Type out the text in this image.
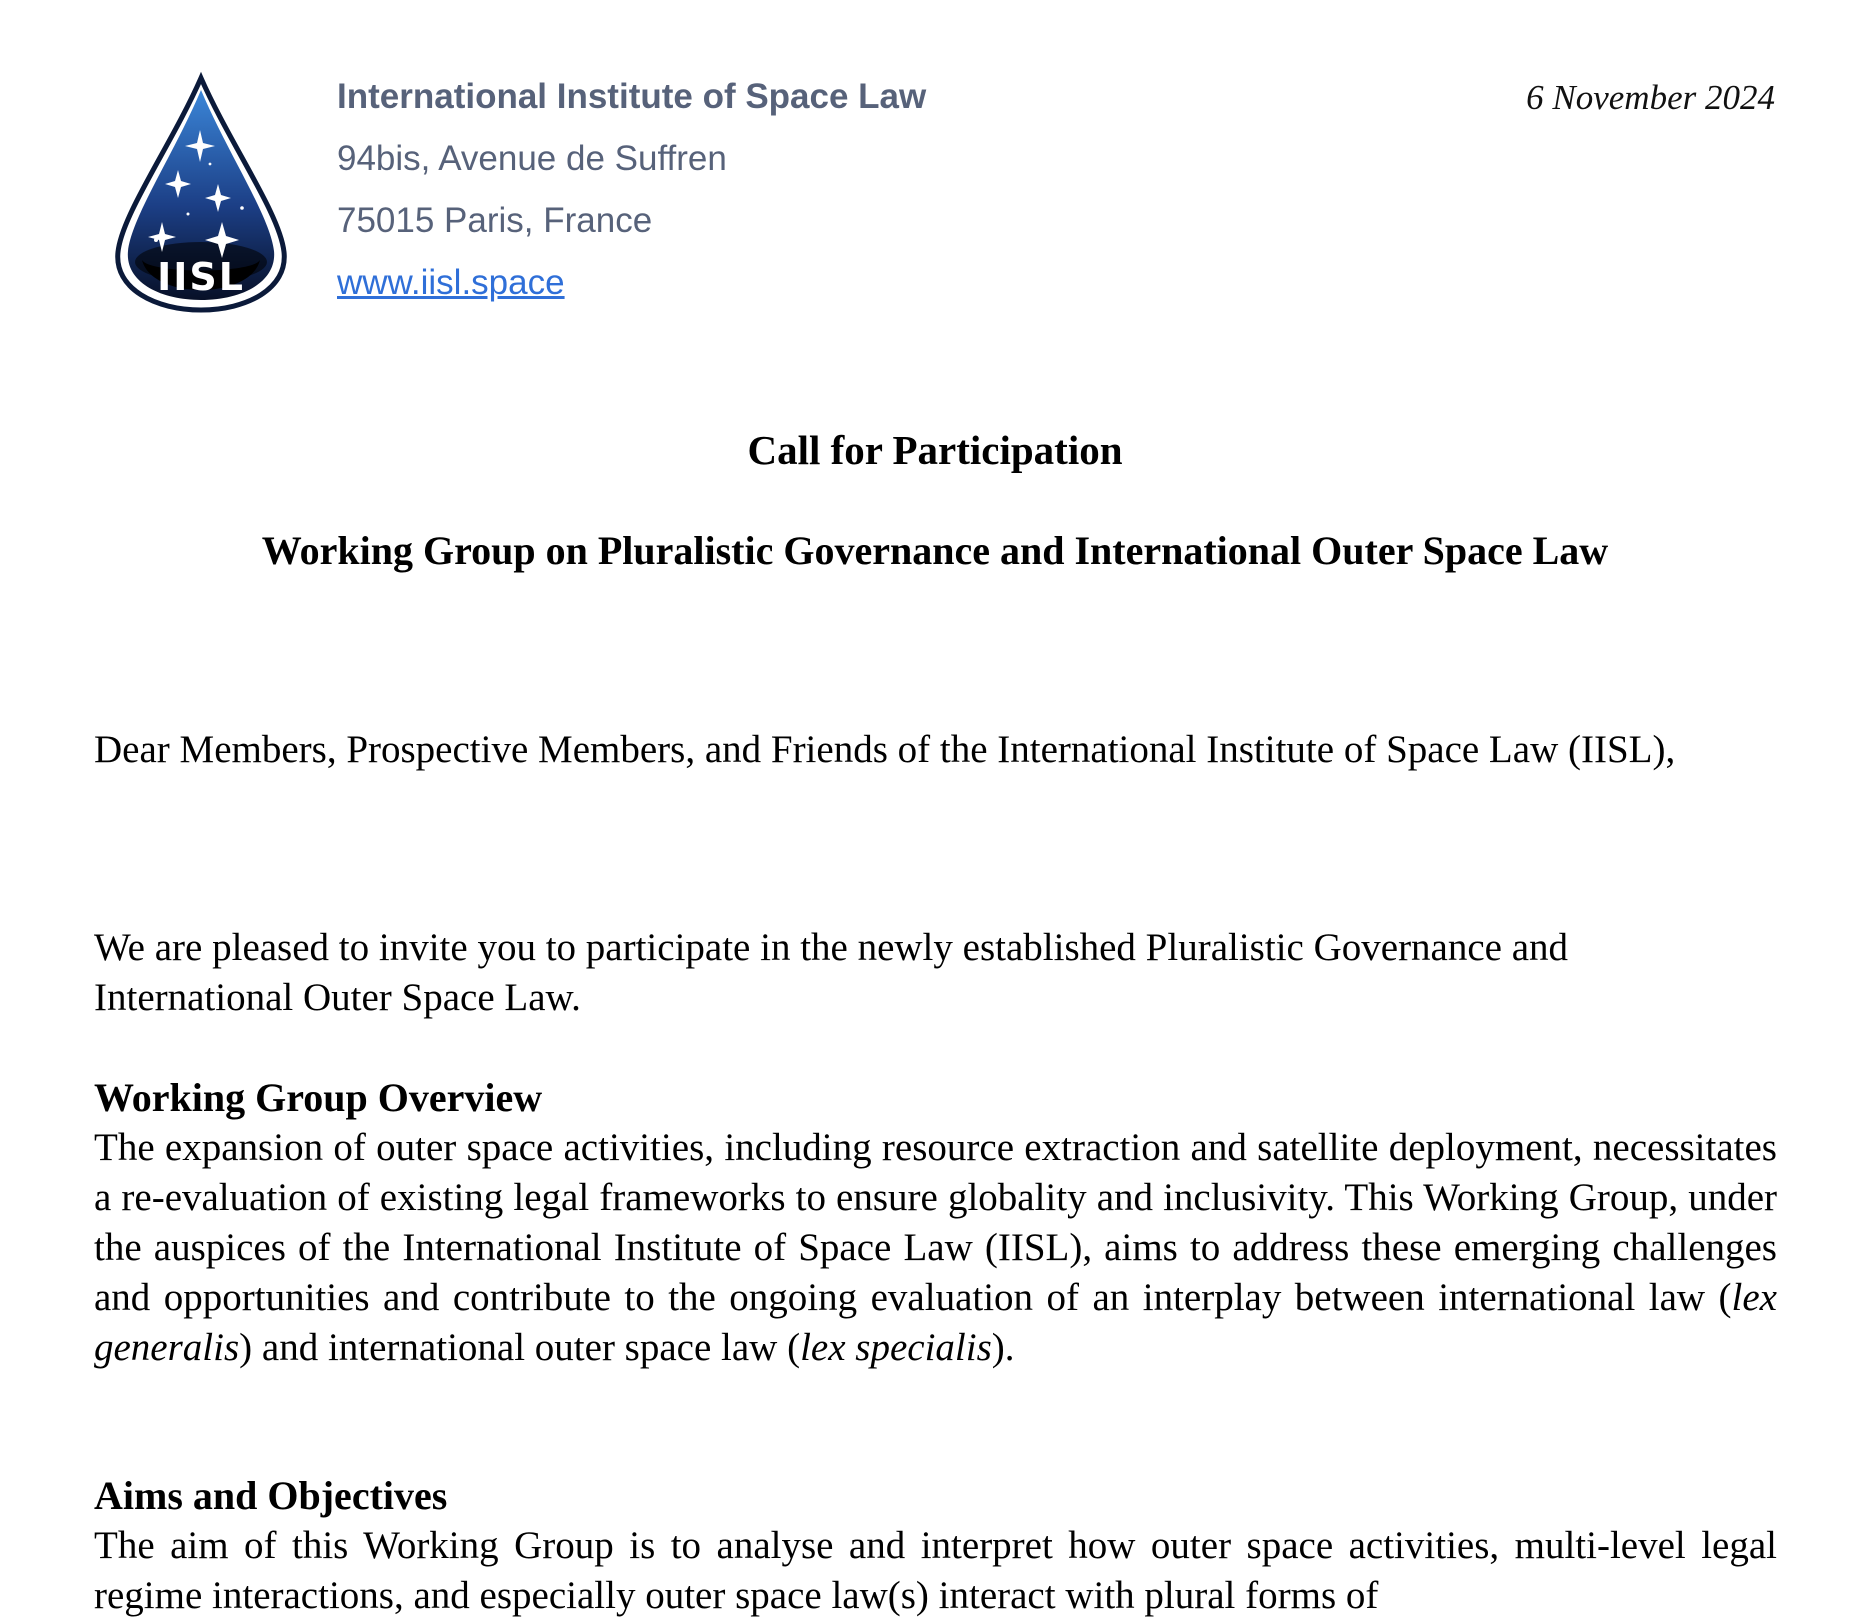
IISL
International Institute of Space Law
94bis, Avenue de Suffren
75015 Paris, France
www.iisl.space
6 November 2024
Call for Participation
Working Group on Pluralistic Governance and International Outer Space Law
Dear Members, Prospective Members, and Friends of the International Institute of Space Law (IISL),
We are pleased to invite you to participate in the newly established Pluralistic Governance and International Outer Space Law.
Working Group Overview
The expansion of outer space activities, including resource extraction and satellite deployment, necessitates a re-evaluation of existing legal frameworks to ensure globality and inclusivity. This Working Group, under the auspices of the International Institute of Space Law (IISL), aims to address these emerging challenges and opportunities and contribute to the ongoing evaluation of an interplay between international law (lex generalis) and international outer space law (lex specialis).
Aims and Objectives
The aim of this Working Group is to analyse and interpret how outer space activities, multi-level legal regime interactions, and especially outer space law(s) interact with plural forms of
